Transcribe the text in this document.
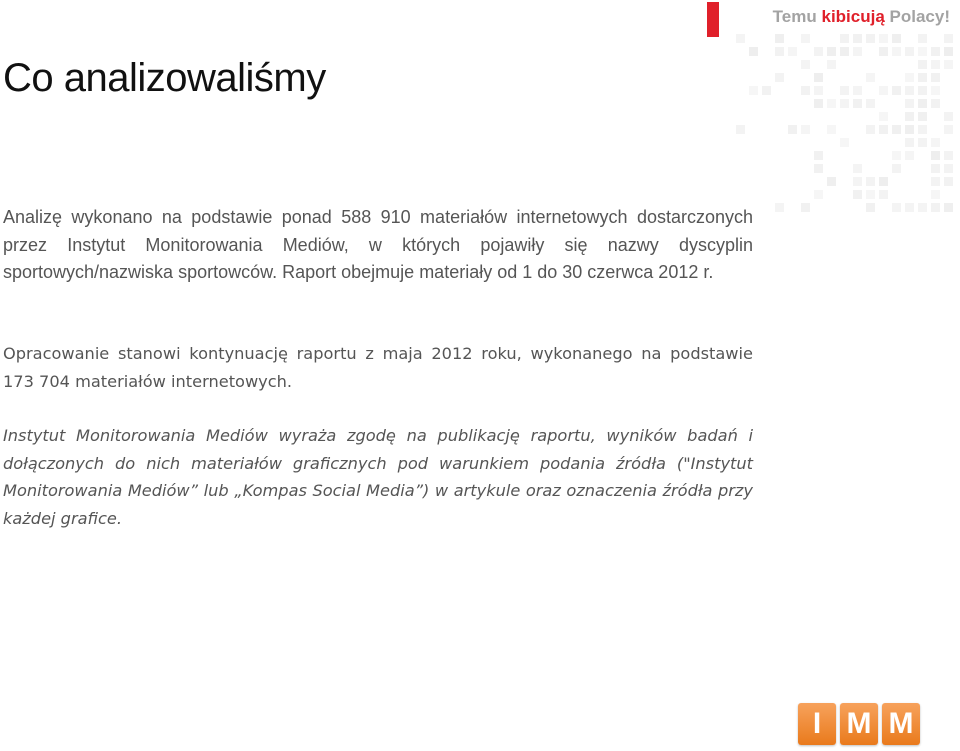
Temu kibicują Polacy!
Co analizowaliśmy

Analizę wykonano na podstawie ponad 588 910 materiałów internetowych dostarczonych przez Instytut Monitorowania Mediów, w których pojawiły się nazwy dyscyplin sportowych/nazwiska sportowców. Raport obejmuje materiały od 1 do 30 czerwca 2012 r.

Opracowanie stanowi kontynuację raportu z maja 2012 roku, wykonanego na podstawie 173 704 materiałów internetowych.

Instytut Monitorowania Mediów wyraża zgodę na publikację raportu, wyników badań i dołączonych do nich materiałów graficznych pod warunkiem podania źródła ("Instytut Monitorowania Mediów” lub „Kompas Social Media”) w artykule oraz oznaczenia źródła przy każdej grafice.

I M M
